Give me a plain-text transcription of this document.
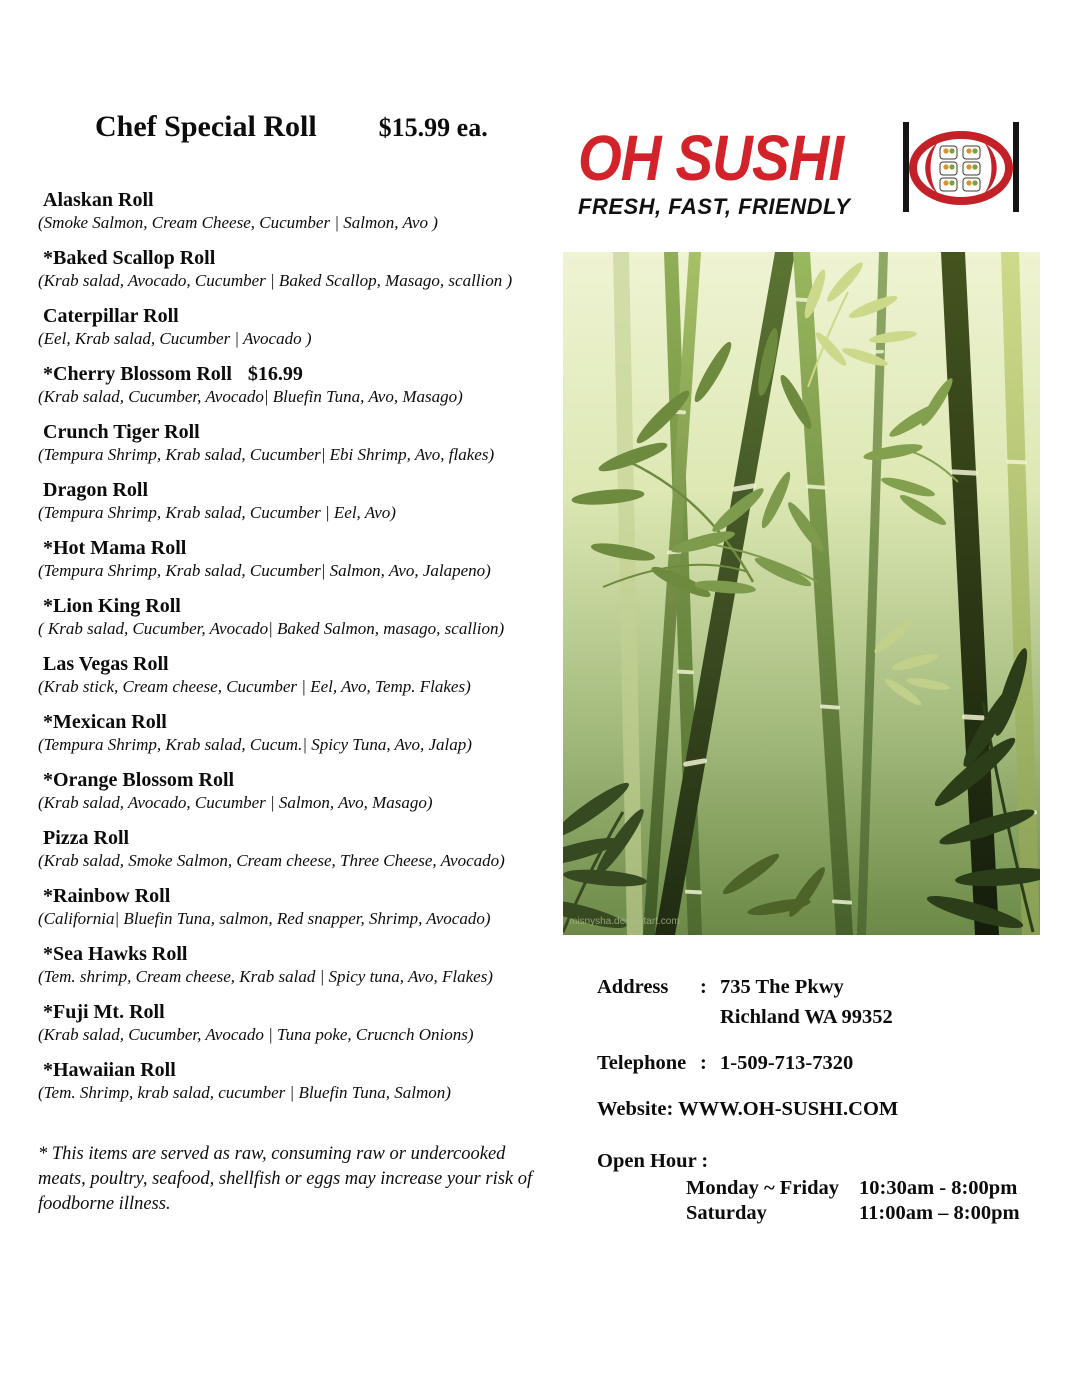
Chef Special Roll $15.99 ea.
Alaskan Roll
(Smoke Salmon, Cream Cheese, Cucumber | Salmon, Avo )
*Baked Scallop Roll
(Krab salad, Avocado, Cucumber | Baked Scallop, Masago, scallion )
Caterpillar Roll
(Eel, Krab salad, Cucumber | Avocado )
*Cherry Blossom Roll $16.99
(Krab salad, Cucumber, Avocado| Bluefin Tuna, Avo, Masago)
Crunch Tiger Roll
(Tempura Shrimp, Krab salad, Cucumber| Ebi Shrimp, Avo, flakes)
Dragon Roll
(Tempura Shrimp, Krab salad, Cucumber | Eel, Avo)
*Hot Mama Roll
(Tempura Shrimp, Krab salad, Cucumber| Salmon, Avo, Jalapeno)
*Lion King Roll
( Krab salad, Cucumber, Avocado| Baked Salmon, masago, scallion)
Las Vegas Roll
(Krab stick, Cream cheese, Cucumber | Eel, Avo, Temp. Flakes)
*Mexican Roll
(Tempura Shrimp, Krab salad, Cucum.| Spicy Tuna, Avo, Jalap)
*Orange Blossom Roll
(Krab salad, Avocado, Cucumber | Salmon, Avo, Masago)
Pizza Roll
(Krab salad, Smoke Salmon, Cream cheese, Three Cheese, Avocado)
*Rainbow Roll
(California| Bluefin Tuna, salmon, Red snapper, Shrimp, Avocado)
*Sea Hawks Roll
(Tem. shrimp, Cream cheese, Krab salad | Spicy tuna, Avo, Flakes)
*Fuji Mt. Roll
(Krab salad, Cucumber, Avocado | Tuna poke, Crucnch Onions)
*Hawaiian Roll
(Tem. Shrimp, krab salad, cucumber | Bluefin Tuna, Salmon)
* This items are served as raw, consuming raw or undercooked meats, poultry, seafood, shellfish or eggs may increase your risk of foodborne illness.
OH SUSHI
FRESH, FAST, FRIENDLY
misnysha.deviantart.com
Address	: 735 The Pkwy
Richland WA 99352
Telephone : 1-509-713-7320
Website: WWW.OH-SUSHI.COM
Open Hour :
Monday ~ Friday 10:30am - 8:00pm
Saturday	11:00am – 8:00pm
